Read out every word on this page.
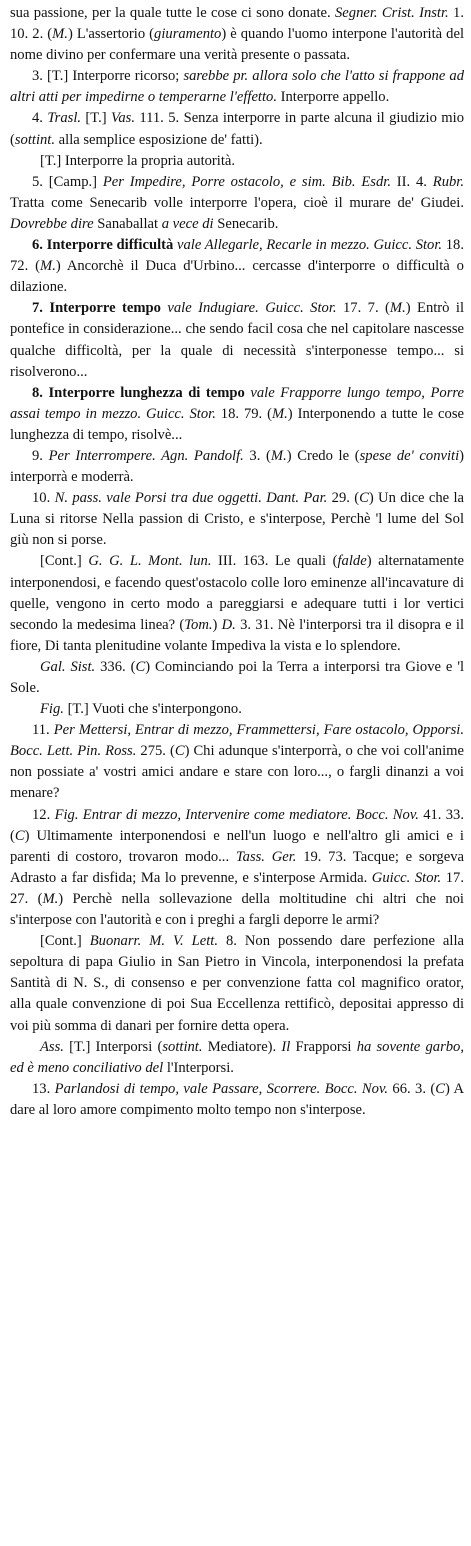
sua passione, per la quale tutte le cose ci sono donate. Segner. Crist. Instr. 1. 10. 2. (M.) L'assertorio (giuramento) è quando l'uomo interpone l'autorità del nome divino per confermare una verità presente o passata.

3. [T.] Interporre ricorso; sarebbe pr. allora solo che l'atto si frappone ad altri atti per impedirne o temperarne l'effetto. Interporre appello.

4. Trasl. [T.] Vas. 111. 5. Senza interporre in parte alcuna il giudizio mio (sottint. alla semplice esposizione de' fatti).

[T.] Interporre la propria autorità.

5. [Camp.] Per Impedire, Porre ostacolo, e sim. Bib. Esdr. II. 4. Rubr. Tratta come Senecarib volle interporre l'opera, cioè il murare de' Giudei. Dovrebbe dire Sanaballat a vece di Senecarib.

6. Interporre difficultà vale Allegarle, Recarle in mezzo. Guicc. Stor. 18. 72. (M.) Ancorchè il Duca d'Urbino... cercasse d'interporre o difficultà o dilazione.

7. Interporre tempo vale Indugiare. Guicc. Stor. 17. 7. (M.) Entrò il pontefice in considerazione... che sendo facil cosa che nel capitolare nascesse qualche difficoltà, per la quale di necessità s'interponesse tempo... si risolverono...

8. Interporre lunghezza di tempo vale Frapporre lungo tempo, Porre assai tempo in mezzo. Guicc. Stor. 18. 79. (M.) Interponendo a tutte le cose lunghezza di tempo, risolvè...

9. Per Interrompere. Agn. Pandolf. 3. (M.) Credo le (spese de' conviti) interporrà e moderrà.

10. N. pass. vale Porsi tra due oggetti. Dant. Par. 29. (C) Un dice che la Luna si ritorse Nella passion di Cristo, e s'interpose, Perchè 'l lume del Sol giù non si porse.

[Cont.] G. G. L. Mont. lun. III. 163. Le quali (falde) alternatamente interponendosi, e facendo quest'ostacolo colle loro eminenze all'incavature di quelle, vengono in certo modo a pareggiarsi e adequare tutti i lor vertici secondo la medesima linea? (Tom.) D. 3. 31. Nè l'interporsi tra il disopra e il fiore, Di tanta plenitudine volante Impediva la vista e lo splendore.

Gal. Sist. 336. (C) Cominciando poi la Terra a interporsi tra Giove e 'l Sole.

Fig. [T.] Vuoti che s'interpongono.

11. Per Mettersi, Entrar di mezzo, Frammettersi, Fare ostacolo, Opporsi. Bocc. Lett. Pin. Ross. 275. (C) Chi adunque s'interporrà, o che voi coll'anime non possiate a' vostri amici andare e stare con loro..., o fargli dinanzi a voi menare?

12. Fig. Entrar di mezzo, Intervenire come mediatore. Bocc. Nov. 41. 33. (C) Ultimamente interponendosi e nell'un luogo e nell'altro gli amici e i parenti di costoro, trovaron modo... Tass. Ger. 19. 73. Tacque; e sorgeva Adrasto a far disfida; Ma lo prevenne, e s'interpose Armida. Guicc. Stor. 17. 27. (M.) Perchè nella sollevazione della moltitudine chi altri che noi s'interpose con l'autorità e con i preghi a fargli deporre le armi?

[Cont.] Buonarr. M. V. Lett. 8. Non possendo dare perfezione alla sepoltura di papa Giulio in San Pietro in Vincola, interponendosi la prefata Santità di N. S., di consenso e per convenzione fatta col magnifico orator, alla quale convenzione di poi Sua Eccellenza rettificò, depositai appresso di voi più somma di danari per fornire detta opera.

Ass. [T.] Interporsi (sottint. Mediatore). Il Frapporsi ha sovente garbo, ed è meno conciliativo del l'Interporsi.

13. Parlandosi di tempo, vale Passare, Scorrere. Bocc. Nov. 66. 3. (C) A dare al loro amore compimento molto tempo non s'interpose.
